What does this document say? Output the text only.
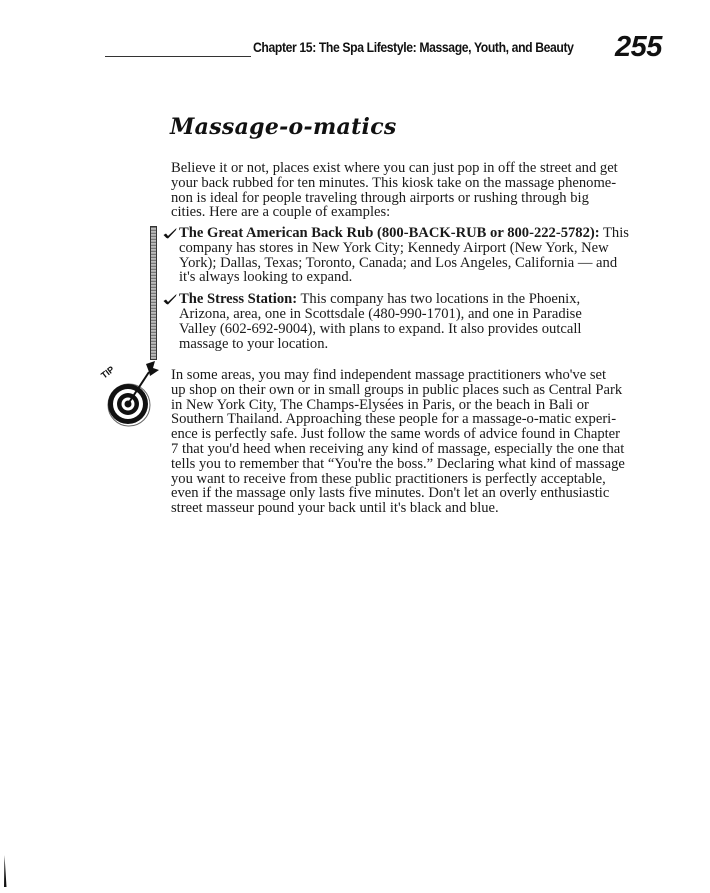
Chapter 15: The Spa Lifestyle: Massage, Youth, and Beauty 255
Massage-o-matics

Believe it or not, places exist where you can just pop in off the street and get
your back rubbed for ten minutes. This kiosk take on the massage phenome-
non is ideal for people traveling through airports or rushing through big
cities. Here are a couple of examples:

The Great American Back Rub (800-BACK-RUB or 800-222-5782): This
company has stores in New York City; Kennedy Airport (New York, New
York); Dallas, Texas; Toronto, Canada; and Los Angeles, California — and
it's always looking to expand.
The Stress Station: This company has two locations in the Phoenix,
Arizona, area, one in Scottsdale (480-990-1701), and one in Paradise
Valley (602-692-9004), with plans to expand. It also provides outcall
massage to your location.
TIP	In some areas, you may find independent massage practitioners who've set
up shop on their own or in small groups in public places such as Central Park
in New York City, The Champs-Elysées in Paris, or the beach in Bali or
Southern Thailand. Approaching these people for a massage-o-matic experi-
ence is perfectly safe. Just follow the same words of advice found in Chapter
7 that you'd heed when receiving any kind of massage, especially the one that
tells you to remember that “You're the boss.” Declaring what kind of massage
you want to receive from these public practitioners is perfectly acceptable,
even if the massage only lasts five minutes. Don't let an overly enthusiastic
street masseur pound your back until it's black and blue.
